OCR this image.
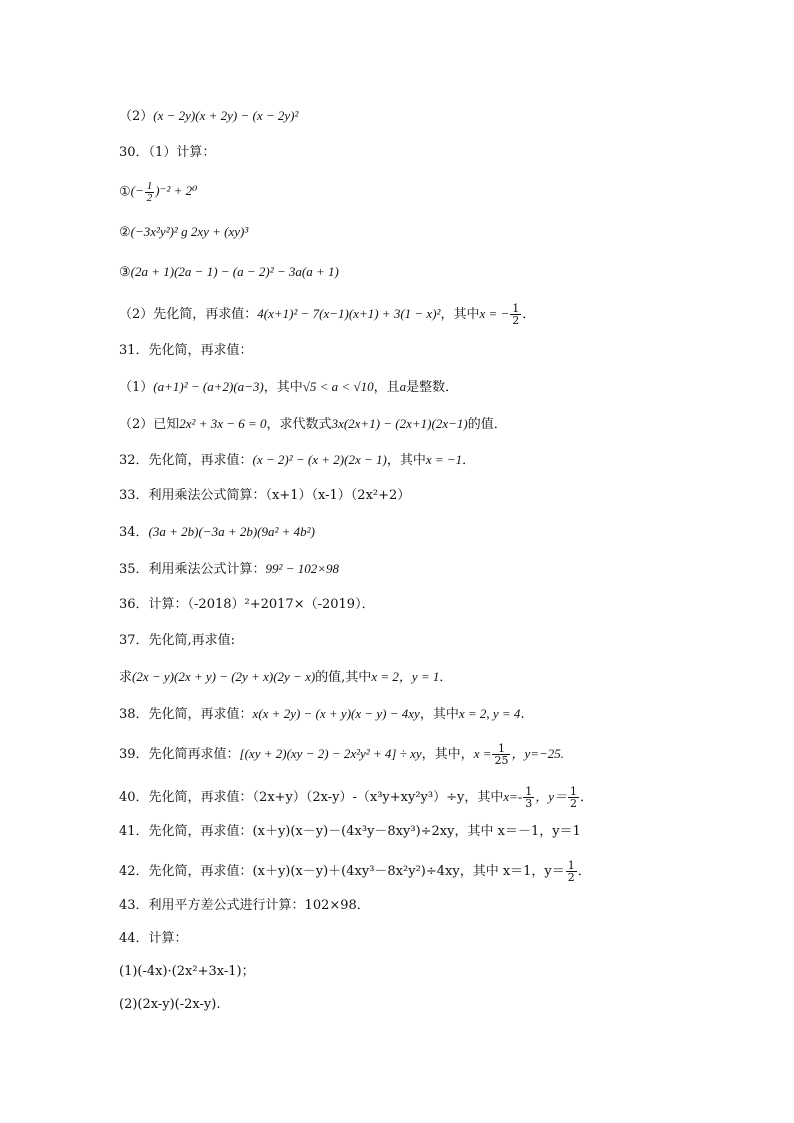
（2）(x − 2y)(x + 2y) − (x − 2y)²
30．（1）计算：
①(− $\frac{1}{2} )^{-2} + 2^0$
②(−3x²y²)² g 2xy + (xy)³
③(2a + 1)(2a − 1) − (a − 2)² − 3a(a + 1)
（2）先化简，再求值：4(x+1)² − 7(x−1)(x+1) + 3(1 − x)²，其中x = − $\frac{1}{2}$ ．
31．先化简，再求值：
（1）(a+1)² − (a+2)(a−3)，其中√5 < a < √10，且a是整数．
（2）已知2x² + 3x − 6 = 0，求代数式3x(2x+1) − (2x+1)(2x−1)的值．
32．先化简，再求值：(x − 2)² − (x + 2)(2x − 1)，其中x = −1．
33．利用乘法公式简算：（x+1）（x-1）（2x²+2）
34．(3a + 2b)(−3a + 2b)(9a² + 4b²)
35．利用乘法公式计算：99² − 102×98
36．计算：（-2018）²+2017×（-2019）．
37．先化简,再求值:
求(2x − y)(2x + y) − (2y + x)(2y − x)的值,其中x = 2，y = 1．
38．先化简，再求值：x(x + 2y) − (x + y)(x − y) − 4xy，其中x = 2, y = 4.
39．先化简再求值：[(xy + 2)(xy − 2) − 2x²y² + 4] ÷ xy，其中，$x = \frac{1}{25}$ ，y=−25.
40．先化简，再求值：（2x+y）（2x-y）-（x³y+xy²y³）÷y，其中$x=- \frac{1}{3}$ ，$y= \frac{1}{2}$ ．
41．先化简，再求值：(x＋y)(x－y)－(4x³y－8xy³)÷2xy，其中 x＝－1，y＝1
42．先化简，再求值：(x＋y)(x－y)＋(4xy³－8x²y²)÷4xy，其中 x＝1，$y= \frac{1}{2}$ ．
43．利用平方差公式进行计算：102×98．
44．计算：
(1)(-4x)·(2x²+3x-1)；
(2)(2x-y)(-2x-y).
